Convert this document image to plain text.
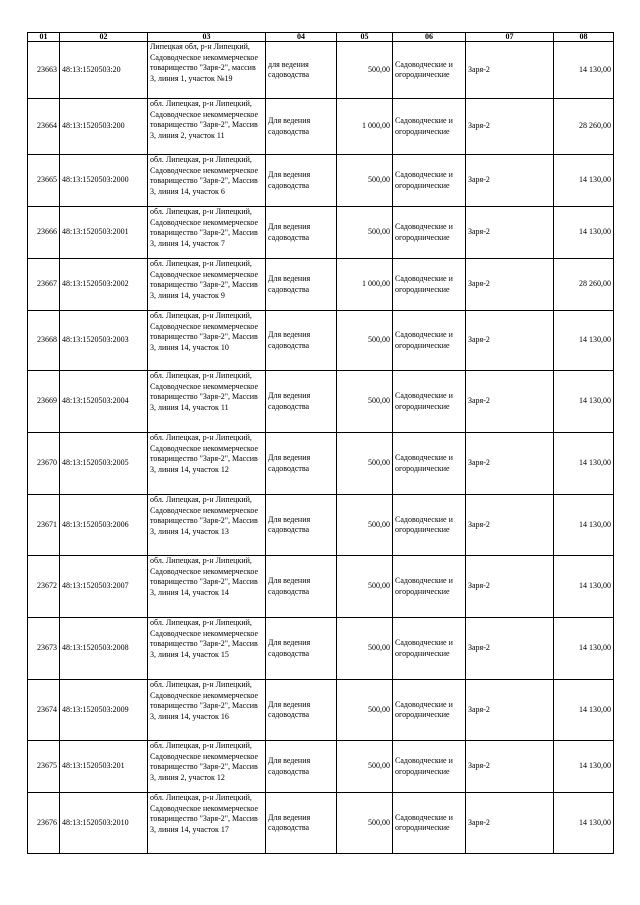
01	02	03	04	05	06	07	08
23663	48:13:1520503:20	Липецкая обл, р-н Липецкий, Садоводческое некоммерческое товарищество "Заря-2", массив 3, линия 1, участок №19	для ведения садоводства	500,00	Садоводческие и огороднические	Заря-2	14 130,00
23664	48:13:1520503:200	обл. Липецкая, р-н Липецкий, Садоводческое некоммерческое товарищество "Заря-2", Массив 3, линия 2, участок 11	Для ведения садоводства	1 000,00	Садоводческие и огороднические	Заря-2	28 260,00
23665	48:13:1520503:2000	обл. Липецкая, р-н Липецкий, Садоводческое некоммерческое товарищество "Заря-2", Массив 3, линия 14, участок 6	Для ведения садоводства	500,00	Садоводческие и огороднические	Заря-2	14 130,00
23666	48:13:1520503:2001	обл. Липецкая, р-н Липецкий, Садоводческое некоммерческое товарищество "Заря-2", Массив 3, линия 14, участок 7	Для ведения садоводства	500,00	Садоводческие и огороднические	Заря-2	14 130,00
23667	48:13:1520503:2002	обл. Липецкая, р-н Липецкий, Садоводческое некоммерческое товарищество "Заря-2", Массив 3, линия 14, участок 9	Для ведения садоводства	1 000,00	Садоводческие и огороднические	Заря-2	28 260,00
23668	48:13:1520503:2003	обл. Липецкая, р-н Липецкий, Садоводческое некоммерческое товарищество "Заря-2", Массив 3, линия 14, участок 10	Для ведения садоводства	500,00	Садоводческие и огороднические	Заря-2	14 130,00
23669	48:13:1520503:2004	обл. Липецкая, р-н Липецкий, Садоводческое некоммерческое товарищество "Заря-2", Массив 3, линия 14, участок 11	Для ведения садоводства	500,00	Садоводческие и огороднические	Заря-2	14 130,00
23670	48:13:1520503:2005	обл. Липецкая, р-н Липецкий, Садоводческое некоммерческое товарищество "Заря-2", Массив 3, линия 14, участок 12	Для ведения садоводства	500,00	Садоводческие и огороднические	Заря-2	14 130,00
23671	48:13:1520503:2006	обл. Липецкая, р-н Липецкий, Садоводческое некоммерческое товарищество "Заря-2", Массив 3, линия 14, участок 13	Для ведения садоводства	500,00	Садоводческие и огороднические	Заря-2	14 130,00
23672	48:13:1520503:2007	обл. Липецкая, р-н Липецкий, Садоводческое некоммерческое товарищество "Заря-2", Массив 3, линия 14, участок 14	Для ведения садоводства	500,00	Садоводческие и огороднические	Заря-2	14 130,00
23673	48:13:1520503:2008	обл. Липецкая, р-н Липецкий, Садоводческое некоммерческое товарищество "Заря-2", Массив 3, линия 14, участок 15	Для ведения садоводства	500,00	Садоводческие и огороднические	Заря-2	14 130,00
23674	48:13:1520503:2009	обл. Липецкая, р-н Липецкий, Садоводческое некоммерческое товарищество "Заря-2", Массив 3, линия 14, участок 16	Для ведения садоводства	500,00	Садоводческие и огороднические	Заря-2	14 130,00
23675	48:13:1520503:201	обл. Липецкая, р-н Липецкий, Садоводческое некоммерческое товарищество "Заря-2", Массив 3, линия 2, участок 12	Для ведения садоводства	500,00	Садоводческие и огороднические	Заря-2	14 130,00
23676	48:13:1520503:2010	обл. Липецкая, р-н Липецкий, Садоводческое некоммерческое товарищество "Заря-2", Массив 3, линия 14, участок 17	Для ведения садоводства	500,00	Садоводческие и огороднические	Заря-2	14 130,00
